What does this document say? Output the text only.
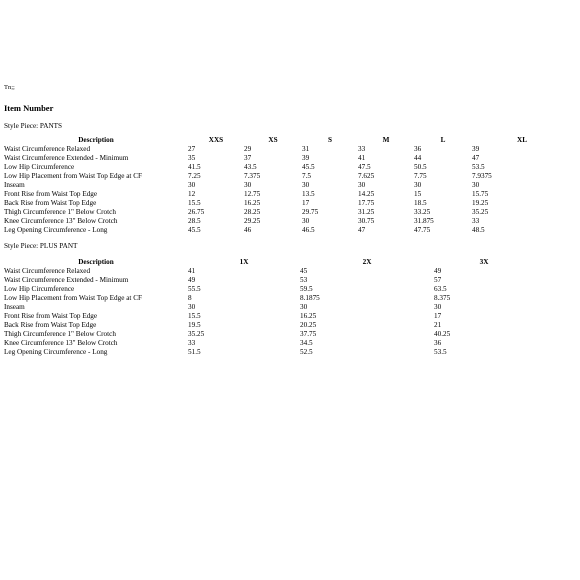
Tn;;
Item Number
Style Piece: PANTS
Description	XXS	XS	S	M	L	XL
Waist Circumference Relaxed	27	29	31	33	36	39
Waist Circumference Extended - Minimum	35	37	39	41	44	47
Low Hip Circumference	41.5	43.5	45.5	47.5	50.5	53.5
Low Hip Placement from Waist Top Edge at CF	7.25	7.375	7.5	7.625	7.75	7.9375
Inseam	30	30	30	30	30	30
Front Rise from Waist Top Edge	12	12.75	13.5	14.25	15	15.75
Back Rise from Waist Top Edge	15.5	16.25	17	17.75	18.5	19.25
Thigh Circumference 1" Below Crotch	26.75	28.25	29.75	31.25	33.25	35.25
Knee Circumference 13" Below Crotch	28.5	29.25	30	30.75	31.875	33
Leg Opening Circumference - Long	45.5	46	46.5	47	47.75	48.5
Style Piece: PLUS PANT
Description	1X	2X	3X
Waist Circumference Relaxed	41	45	49
Waist Circumference Extended - Minimum	49	53	57
Low Hip Circumference	55.5	59.5	63.5
Low Hip Placement from Waist Top Edge at CF	8	8.1875	8.375
Inseam	30	30	30
Front Rise from Waist Top Edge	15.5	16.25	17
Back Rise from Waist Top Edge	19.5	20.25	21
Thigh Circumference 1" Below Crotch	35.25	37.75	40.25
Knee Circumference 13" Below Crotch	33	34.5	36
Leg Opening Circumference - Long	51.5	52.5	53.5
